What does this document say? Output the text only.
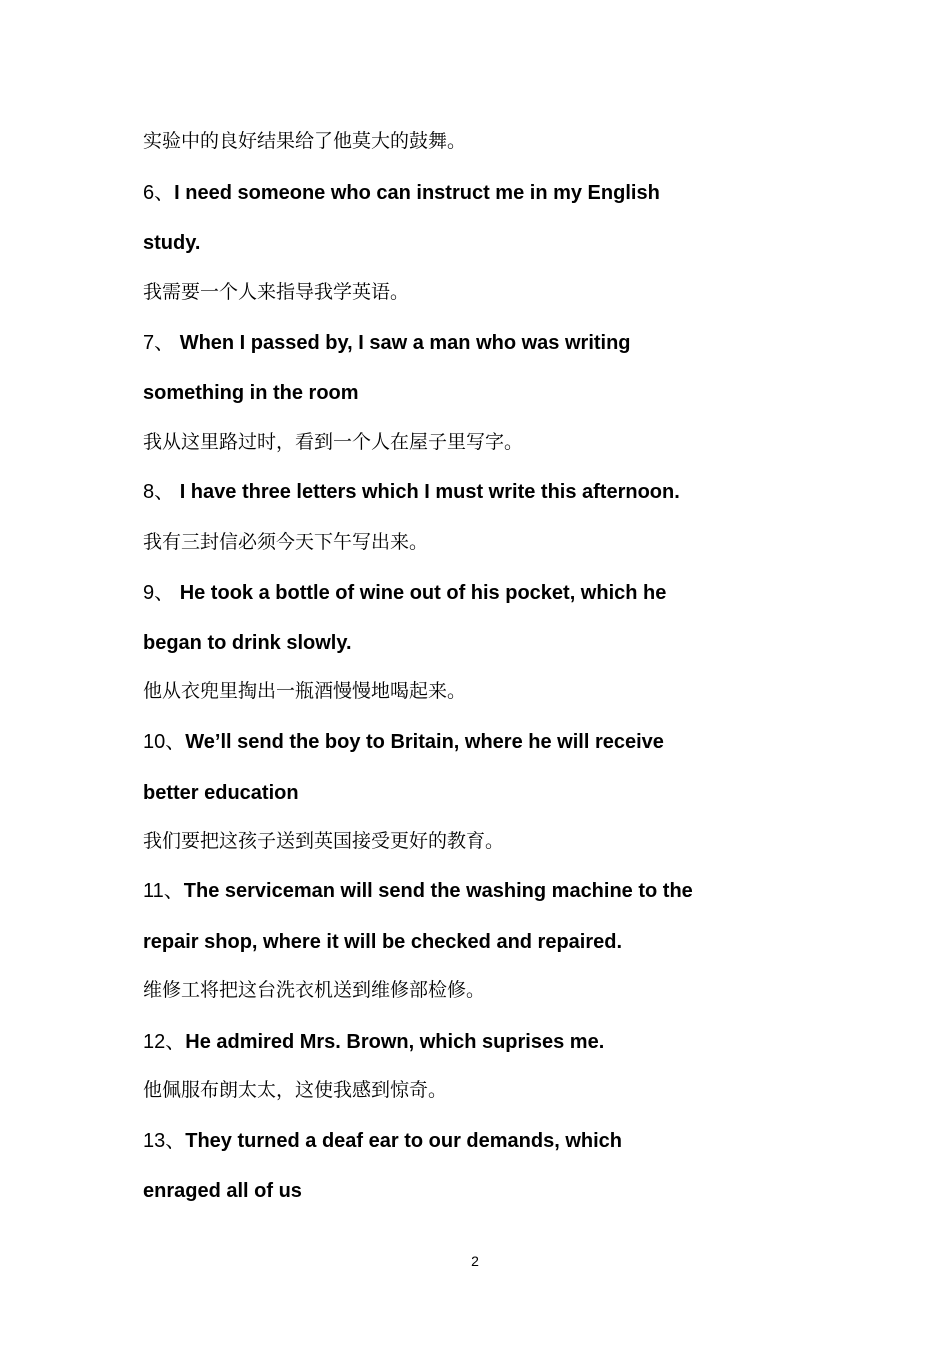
实验中的良好结果给了他莫大的鼓舞。
6、I need someone who can instruct me in my English
study.
我需要一个人来指导我学英语。
7、 When I passed by, I saw a man who was writing
something in the room
我从这里路过时，看到一个人在屋子里写字。
8、 I have three letters which I must write this afternoon.
我有三封信必须今天下午写出来。
9、 He took a bottle of wine out of his pocket, which he
began to drink slowly.
他从衣兜里掏出一瓶酒慢慢地喝起来。
10、We’ll send the boy to Britain, where he will receive
better education
我们要把这孩子送到英国接受更好的教育。
11、The serviceman will send the washing machine to the
repair shop, where it will be checked and repaired.
维修工将把这台洗衣机送到维修部检修。
12、He admired Mrs. Brown, which suprises me.
他佩服布朗太太，这使我感到惊奇。
13、They turned a deaf ear to our demands, which
enraged all of us
2
